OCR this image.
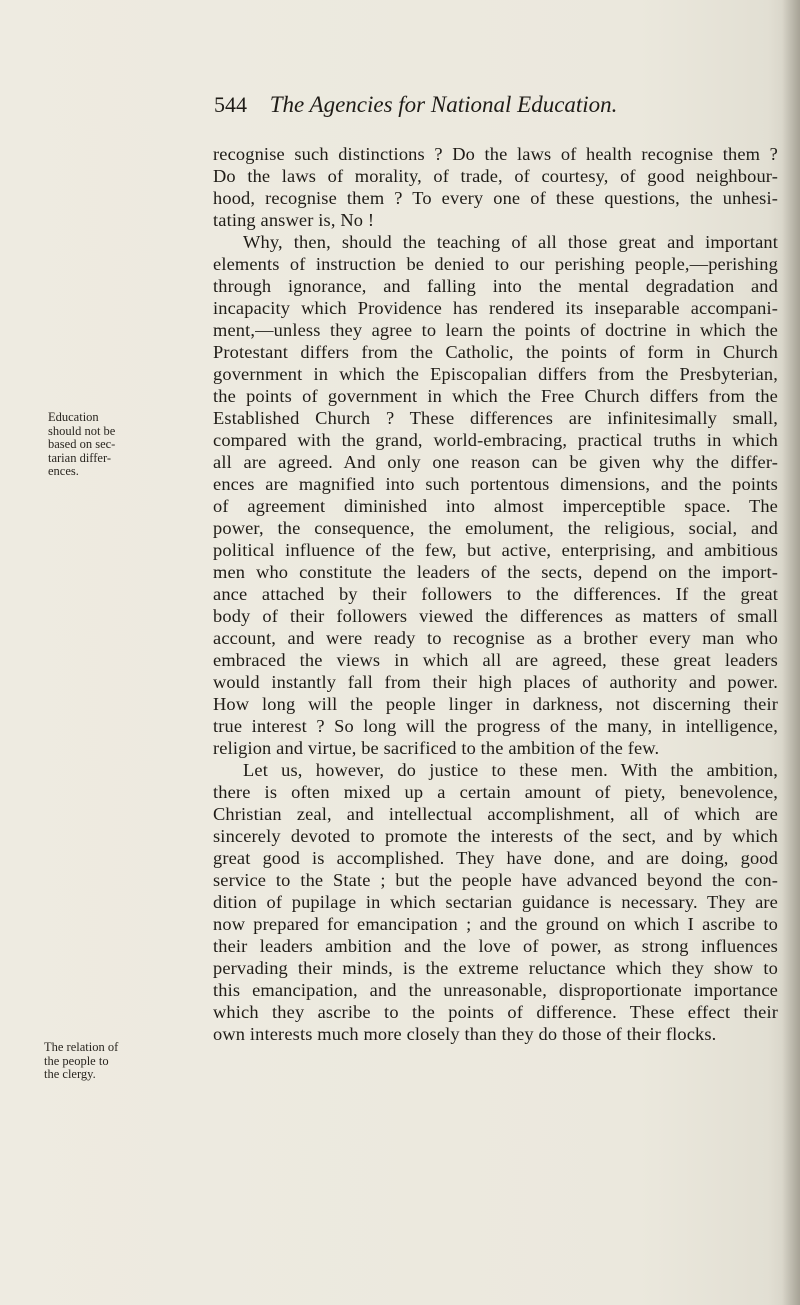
544 The Agencies for National Education.
Education
should not be
based on sec-
tarian differ-
ences.
The relation of
the people to
the clergy.
recognise such distinctions ? Do the laws of health recognise them ?
Do the laws of morality, of trade, of courtesy, of good neighbour-
hood, recognise them ? To every one of these questions, the unhesi-
tating answer is, No !
Why, then, should the teaching of all those great and important
elements of instruction be denied to our perishing people,—perishing
through ignorance, and falling into the mental degradation and
incapacity which Providence has rendered its inseparable accompani-
ment,—unless they agree to learn the points of doctrine in which the
Protestant differs from the Catholic, the points of form in Church
government in which the Episcopalian differs from the Presbyterian,
the points of government in which the Free Church differs from the
Established Church ? These differences are infinitesimally small,
compared with the grand, world-embracing, practical truths in which
all are agreed. And only one reason can be given why the differ-
ences are magnified into such portentous dimensions, and the points
of agreement diminished into almost imperceptible space. The
power, the consequence, the emolument, the religious, social, and
political influence of the few, but active, enterprising, and ambitious
men who constitute the leaders of the sects, depend on the import-
ance attached by their followers to the differences. If the great
body of their followers viewed the differences as matters of small
account, and were ready to recognise as a brother every man who
embraced the views in which all are agreed, these great leaders
would instantly fall from their high places of authority and power.
How long will the people linger in darkness, not discerning their
true interest ? So long will the progress of the many, in intelligence,
religion and virtue, be sacrificed to the ambition of the few.
Let us, however, do justice to these men. With the ambition,
there is often mixed up a certain amount of piety, benevolence,
Christian zeal, and intellectual accomplishment, all of which are
sincerely devoted to promote the interests of the sect, and by which
great good is accomplished. They have done, and are doing, good
service to the State ; but the people have advanced beyond the con-
dition of pupilage in which sectarian guidance is necessary. They are
now prepared for emancipation ; and the ground on which I ascribe to
their leaders ambition and the love of power, as strong influences
pervading their minds, is the extreme reluctance which they show to
this emancipation, and the unreasonable, disproportionate importance
which they ascribe to the points of difference. These effect their
own interests much more closely than they do those of their flocks.
